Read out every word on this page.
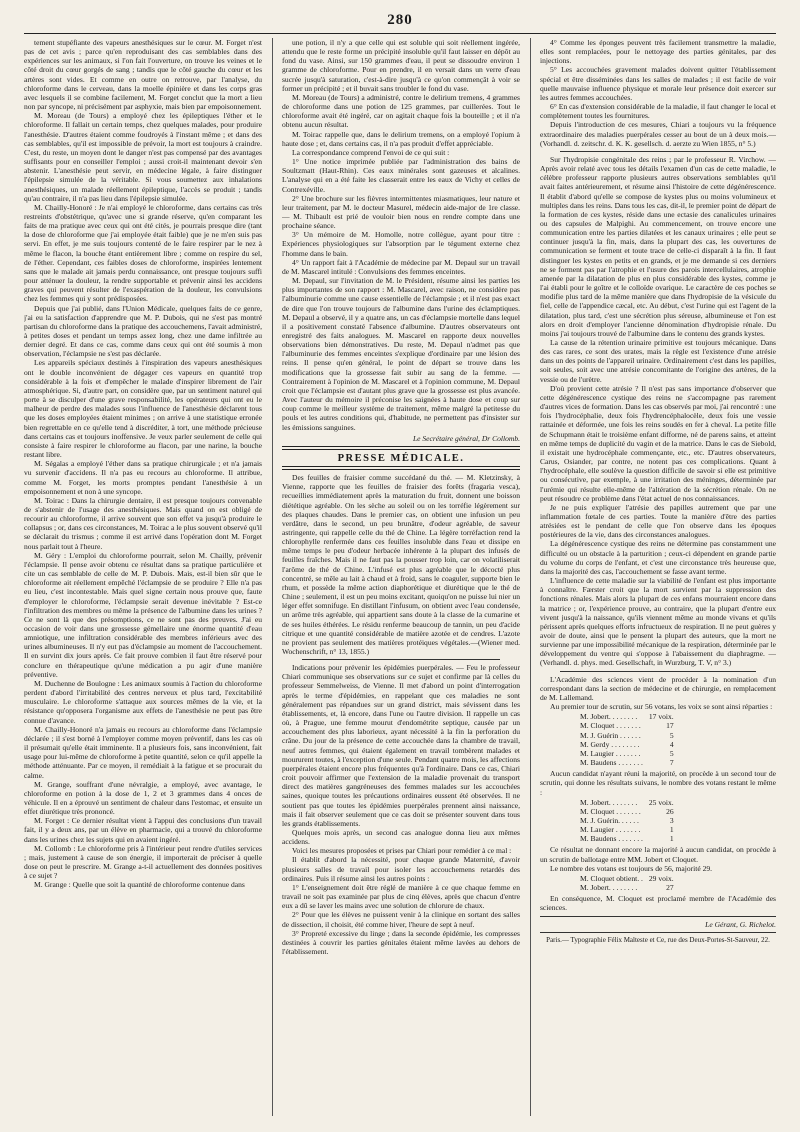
280

tement stupéfiante des vapeurs anesthésiques sur le cœur. M. Forget n'est pas de cet avis ; parce qu'en reproduisant des cas semblables dans des expériences sur les animaux, si l'on fait l'ouverture, on trouve les veines et le côté droit du cœur gorgés de sang ; tandis que le côté gauche du cœur et les artères sont vides. Et comme en outre on retrouve, par l'analyse, du chloroforme dans le cerveau, dans la moelle épinière et dans les corps gras avec lesquels il se combine facilement, M. Forget conclut que la mort a lieu non par syncope, ni précisément par asphyxie, mais bien par empoisonnement.

M. Moreau (de Tours) a employé chez les épileptiques l'éther et le chloroforme. Il fallait un certain temps, chez quelques malades, pour produire l'anesthésie. D'autres étaient comme foudroyés à l'instant même ; et dans des cas semblables, qu'il est impossible de prévoir, la mort est toujours à craindre. C'est, du reste, un moyen dont le danger n'est pas compensé par des avantages suffisants pour en conseiller l'emploi ; aussi croit-il maintenant devoir s'en abstenir. L'anesthésie peut servir, en médecine légale, à faire distinguer l'épilepsie simulée de la véritable. Si vous soumettez aux inhalations anesthésiques, un malade réellement épileptique, l'accès se produit ; tandis qu'au contraire, il n'a pas lieu dans l'épilepsie simulée.

M. Chailly-Honoré : Je n'ai employé le chloroforme, dans certains cas très restreints d'obstétrique, qu'avec une si grande réserve, qu'en comparant les faits de ma pratique avec ceux qui ont été cités, je pourrais presque dire (tant la dose de chloroforme que j'ai employée était faible) que je ne m'en suis pas servi. En effet, je me suis toujours contenté de le faire respirer par le nez à même le flacon, la bouche étant entièrement libre ; comme on respire du sel, de l'éther. Cependant, ces faibles doses de chloroforme, inspirées lentement sans que le malade ait jamais perdu connaissance, ont presque toujours suffi pour atténuer la douleur, la rendre supportable et prévenir ainsi les accidens graves qui peuvent résulter de l'exaspération de la douleur, les convulsions chez les femmes qui y sont prédisposées.

Depuis que j'ai publié, dans l'Union Médicale, quelques faits de ce genre, j'ai eu la satisfaction d'apprendre que M. P. Dubois, qui ne s'est pas montré partisan du chloroforme dans la pratique des accouchemens, l'avait administré, à petites doses et pendant un temps assez long, chez une dame infiltrée au dernier degré. Et dans ce cas, comme dans ceux qui ont été soumis à mon observation, l'éclampsie ne s'est pas déclarée.

Les appareils spéciaux destinés à l'inspiration des vapeurs anesthésiques ont le double inconvénient de dégager ces vapeurs en quantité trop considérable à la fois et d'empêcher le malade d'inspirer librement de l'air atmosphérique. Si, d'autre part, on considère que, par un sentiment naturel qui porte à se disculper d'une grave responsabilité, les opérateurs qui ont eu le malheur de perdre des malades sous l'influence de l'anesthésie déclarent tous que les doses employées étaient minimes ; on arrive à une statistique erronée bien regrettable en ce qu'elle tend à discréditer, à tort, une méthode précieuse dans certains cas et toujours inoffensive. Je veux parler seulement de celle qui consiste à faire respirer le chloroforme au flacon, par une narine, la bouche restant libre.

M. Ségalas a employé l'éther dans sa pratique chirurgicale ; et n'a jamais vu survenir d'accidens. Il n'a pas eu recours au chloroforme. Il attribue, comme M. Forget, les morts promptes pendant l'anesthésie à un empoisonnement et non à une syncope.

M. Toirac : Dans la chirurgie dentaire, il est presque toujours convenable de s'abstenir de l'usage des anesthésiques. Mais quand on est obligé de recourir au chloroforme, il arrive souvent que son effet va jusqu'à produire le collapsus ; or, dans ces circonstances, M. Toirac a le plus souvent observé qu'il se déclarait du trismus ; comme il est arrivé dans l'opération dont M. Forget nous parlait tout à l'heure.

M. Géry : L'emploi du chloroforme pourrait, selon M. Chailly, prévenir l'éclampsie. Il pense avoir obtenu ce résultat dans sa pratique particulière et cite un cas semblable de celle de M. P. Dubois. Mais, est-il bien sûr que le chloroforme ait réellement empêché l'éclampsie de se produire ? Elle n'a pas eu lieu, c'est incontestable. Mais quel signe certain nous prouve que, faute d'employer le chloroforme, l'éclampsie serait devenue inévitable ? Est-ce l'infiltration des membres ou même la présence de l'albumine dans les urines ? Ce ne sont là que des présomptions, ce ne sont pas des preuves. J'ai eu occasion de voir dans une grossesse gémellaire une énorme quantité d'eau amniotique, une infiltration considérable des membres inférieurs avec des urines albumineuses. Il n'y eut pas d'éclampsie au moment de l'accouchement. Il en survint dix jours après. Ce fait prouve combien il faut être réservé pour conclure en thérapeutique qu'une médication a pu agir d'une manière préventive.

M. Duchenne de Boulogne : Les animaux soumis à l'action du chloroforme perdent d'abord l'irritabilité des centres nerveux et plus tard, l'excitabilité musculaire. Le chloroforme s'attaque aux sources mêmes de la vie, et la résistance qu'opposera l'organisme aux effets de l'anesthésie ne peut pas être connue d'avance.

M. Chailly-Honoré n'a jamais eu recours au chloroforme dans l'éclampsie déclarée ; il s'est borné à l'employer comme moyen préventif, dans les cas où il présumait qu'elle était imminente. Il a plusieurs fois, sans inconvénient, fait usage pour lui-même de chloroforme à petite quantité, selon ce qu'il appelle la méthode atténuante. Par ce moyen, il remédiait à la fatigue et se procurait du calme.

M. Grange, souffrant d'une névralgie, a employé, avec avantage, le chloroforme en potion à la dose de 1, 2 et 3 grammes dans 4 onces de véhicule. Il en a éprouvé un sentiment de chaleur dans l'estomac, et ensuite un effet diurétique très prononcé.

M. Forget : Ce dernier résultat vient à l'appui des conclusions d'un travail fait, il y a deux ans, par un élève en pharmacie, qui a trouvé du chloroforme dans les urines chez les sujets qui en avaient ingéré.

M. Collomb : Le chloroforme pris à l'intérieur peut rendre d'utiles services ; mais, justement à cause de son énergie, il importerait de préciser à quelle dose on peut le prescrire. M. Grange a-t-il actuellement des données positives à ce sujet ?

M. Grange : Quelle que soit la quantité de chloroforme contenue dans

une potion, il n'y a que celle qui est soluble qui soit réellement ingérée, attendu que le reste forme un précipité insoluble qu'il faut laisser en dépôt au fond du vase. Ainsi, sur 150 grammes d'eau, il peut se dissoudre environ 1 gramme de chloroforme. Pour en prendre, il en versait dans un verre d'eau sucrée jusqu'à saturation, c'est-à-dire jusqu'à ce qu'on commençât à voir se former un précipité ; et il buvait sans troubler le fond du vase.

M. Moreau (de Tours) a administré, contre le delirium tremens, 4 grammes de chloroforme dans une potion de 125 grammes, par cuillerées. Tout le chloroforme avait été ingéré, car on agitait chaque fois la bouteille ; et il n'a obtenu aucun résultat.

M. Toirac rappelle que, dans le delirium tremens, on a employé l'opium à haute dose ; et, dans certains cas, il n'a pas produit d'effet appréciable.

La correspondance comprend l'envoi de ce qui suit :

1° Une notice imprimée publiée par l'administration des bains de Soultzmatt (Haut-Rhin). Ces eaux minérales sont gazeuses et alcalines. L'analyse qui en a été faite les classerait entre les eaux de Vichy et celles de Contrexéville.

2° Une brochure sur les fièvres intermittentes miasmatiques, leur nature et leur traitement, par M. le docteur Masurel, médecin aide-major de 1re classe. — M. Thibault est prié de vouloir bien nous en rendre compte dans une prochaine séance.

3° Un mémoire de M. Homolle, notre collègue, ayant pour titre : Expériences physiologiques sur l'absorption par le tégument externe chez l'homme dans le bain.

4° Un rapport fait à l'Académie de médecine par M. Depaul sur un travail de M. Mascarel intitulé : Convulsions des femmes enceintes.

M. Depaul, sur l'invitation de M. le Président, résume ainsi les parties les plus importantes de son rapport : M. Mascarel, avec raison, ne considère pas l'albuminurie comme une cause essentielle de l'éclampsie ; et il n'est pas exact de dire que l'on trouve toujours de l'albumine dans l'urine des éclamptiques. M. Depaul a observé, il y a quatre ans, un cas d'éclampsie mortelle dans lequel il a positivement constaté l'absence d'albumine. D'autres observateurs ont enregistré des faits analogues. M. Mascarel en rapporte deux nouvelles observations bien démonstratives. Du reste, M. Depaul n'admet pas que l'albuminurie des femmes enceintes s'explique d'ordinaire par une lésion des reins. Il pense qu'en général, le point de départ se trouve dans les modifications que la grossesse fait subir au sang de la femme. — Contrairement à l'opinion de M. Mascarel et à l'opinion commune, M. Depaul croit que l'éclampsie est d'autant plus grave que la grossesse est plus avancée. Avec l'auteur du mémoire il préconise les saignées à haute dose et coup sur coup comme le meilleur système de traitement, même malgré la petitesse du pouls et les autres conditions qui, d'habitude, ne permettent pas d'insister sur les émissions sanguines.

Le Secrétaire général, Dr Collomb.
PRESSE MÉDICALE.

Des feuilles de fraisier comme succédané du thé. — M. Kletzinsky, à Vienne, rapporte que les feuilles de fraisier des forêts (fragaria vesca), recueillies immédiatement après la maturation du fruit, donnent une boisson diététique agréable. On les sèche au soleil ou on les torréfie légèrement sur des plaques chaudes. Dans le premier cas, on obtient une infusion un peu verdâtre, dans le second, un peu brunâtre, d'odeur agréable, de saveur astringente, qui rappelle celle du thé de Chine. La légère torréfaction rend la chlorophylle renfermée dans ces feuilles insoluble dans l'eau et dissipe en même temps le peu d'odeur herbacée inhérente à la plupart des infusés de feuilles fraîches. Mais il ne faut pas la pousser trop loin, car on volatiliserait l'arôme de thé de Chine. L'infusé est plus agréable que le décocté plus concentré, se mêle au lait à chaud et à froid, sans le coaguler, supporte bien le rhum, et possède la même action diaphorétique et diurétique que le thé de Chine ; seulement, il est un peu moins excitant, quoiqu'on ne puisse lui nier un léger effet somnifuge. En distillant l'infusum, on obtient avec l'eau condensée, un arôme très agréable, qui appartient sans doute à la classe de la cumarine et de ses huiles éthérées. Le résidu renferme beaucoup de tannin, un peu d'acide citrique et une quantité considérable de matière azotée et de cendres. L'azote ne provient pas seulement des matières protéiques végétales.—(Wiener med. Wochenschrift, n° 13, 1855.)

Indications pour prévenir les épidémies puerpérales. — Feu le professeur Chiari communique ses observations sur ce sujet et confirme par là celles du professeur Semmelweiss, de Vienne. Il met d'abord un point d'interrogation après le terme d'épidémies, en rappelant que ces maladies ne sont généralement pas répandues sur un grand district, mais sévissent dans les établissements, et, là encore, dans l'une ou l'autre division. Il rappelle un cas où, à Prague, une femme mourut d'endométrite septique, causée par un accouchement des plus laborieux, ayant nécessité à la fin la perforation du crâne. Du jour de la présence de cette accouchée dans la chambre de travail, neuf autres femmes, qui étaient également en travail tombèrent malades et moururent toutes, à l'exception d'une seule. Pendant quatre mois, les affections puerpérales étaient encore plus fréquentes qu'à l'ordinaire. Dans ce cas, Chiari croit pouvoir affirmer que l'extension de la maladie provenait du transport direct des matières gangréneuses des femmes malades sur les accouchées saines, quoique toutes les précautions ordinaires eussent été observées. Il ne soutient pas que toutes les épidémies puerpérales prennent ainsi naissance, mais il fait observer seulement que ce cas doit se présenter souvent dans tous les grands établissements.

Quelques mois après, un second cas analogue donna lieu aux mêmes accidens.

Voici les mesures proposées et prises par Chiari pour remédier à ce mal :

Il établit d'abord la nécessité, pour chaque grande Maternité, d'avoir plusieurs salles de travail pour isoler les accouchemens retardés des ordinaires. Puis il résume ainsi les autres points :

1° L'enseignement doit être réglé de manière à ce que chaque femme en travail ne soit pas examinée par plus de cinq élèves, après que chacun d'entre eux a dû se laver les mains avec une solution de chlorure de chaux.

2° Pour que les élèves ne puissent venir à la clinique en sortant des salles de dissection, il choisit, été comme hiver, l'heure de sept à neuf.

3° Propreté excessive du linge ; dans la seconde épidémie, les compresses destinées à couvrir les parties génitales étaient même lavées au dehors de l'établissement.

4° Comme les éponges peuvent très facilement transmettre la maladie, elles sont remplacées, pour le nettoyage des parties génitales, par des injections.

5° Les accouchées gravement malades doivent quitter l'établissement spécial et être disséminées dans les salles de malades ; il est facile de voir quelle mauvaise influence physique et morale leur présence doit exercer sur les autres femmes accouchées.

6° En cas d'extension considérable de la maladie, il faut changer le local et complètement toutes les fournitures.

Depuis l'introduction de ces mesures, Chiari a toujours vu la fréquence extraordinaire des maladies puerpérales cesser au bout de un à deux mois.—(Vorhandl. d. zeitschr. d. K. K. gesellsch. d. aerzte zu Wien 1855, n° 5.)

Sur l'hydropisie congénitale des reins ; par le professeur R. Virchow. — Après avoir relaté avec tous les détails l'examen d'un cas de cette maladie, le célèbre professeur rapporte plusieurs autres observations semblables qu'il avait faites antérieurement, et résume ainsi l'histoire de cette dégénérescence. Il établit d'abord qu'elle se compose de kystes plus ou moins volumineux et multiples dans les reins. Dans tous les cas, dit-il, le premier point de départ de la formation de ces kystes, réside dans une ectasie des canalicules urinaires ou des capsules de Malpighi. Au commencement, on trouve encore une communication entre les parties dilatées et les canaux urinaires ; elle peut se continuer jusqu'à la fin, mais, dans la plupart des cas, les ouvertures de communication se ferment et toute trace de celle-ci disparaît à la fin. Il faut distinguer les kystes en petits et en grands, et je me demande si ces derniers ne se forment pas par l'atrophie et l'usure des parois intercellulaires, atrophie amenée par la dilatation de plus en plus considérable des kystes, comme je l'ai établi pour le goître et le colloïde ovarique. Le caractère de ces poches se modifie plus tard de la même manière que dans l'hydropisie de la vésicule du fiel, celle de l'appendice cæcal, etc. Au début, c'est l'urine qui est l'agent de la dilatation, plus tard, c'est une sécrétion plus séreuse, albumineuse et l'on est alors en droit d'employer l'ancienne dénomination d'hydropisie rénale. Du moins j'ai toujours trouvé de l'albumine dans le contenu des grands kystes.

La cause de la rétention urinaire primitive est toujours mécanique. Dans des cas rares, ce sont des urates, mais la règle est l'existence d'une atrésie dans un des points de l'appareil urinaire. Ordinairement c'est dans les papilles, soit seules, soit avec une atrésie concomitante de l'origine des artères, de la vessie ou de l'urètre.

D'où provient cette atrésie ? Il n'est pas sans importance d'observer que cette dégénérescence cystique des reins ne s'accompagne pas rarement d'autres vices de formation. Dans les cas observés par moi, j'ai rencontré : une fois l'hydrocéphalie, deux fois l'hydrencéphalocèle, deux fois une vessie rattainée et déformée, une fois les reins soudés en fer à cheval. La petite fille de Schupmann était le troisième enfant difforme, né de parens sains, et atteint en même temps de duplicité du vagin et de la matrice. Dans le cas de Siebold, il existait une hydrocéphale commençante, etc., etc. D'autres observateurs, Carus, Osiander, par contre, ne notent pas ces complications. Quant à l'hydrocéphale, elle soulève la question difficile de savoir si elle est primitive ou consécutive, par exemple, à une irritation des méninges, déterminée par l'urémie qui résulte elle-même de l'altération de la sécrétion rénale. On ne peut résoudre ce problème dans l'état actuel de nos connaissances.

Je ne puis expliquer l'atrésie des papilles autrement que par une inflammation fœtale de ces parties. Toute la manière d'être des parties atrésiées est le pendant de celle que l'on observe dans les époques postérieures de la vie, dans des circonstances analogues.

La dégénérescence cystique des reins ne détermine pas constamment une difficulté ou un obstacle à la parturition ; ceux-ci dépendent en grande partie du volume du corps de l'enfant, et c'est une circonstance très heureuse que, dans la majorité des cas, l'accouchement se fasse avant terme.

L'influence de cette maladie sur la viabilité de l'enfant est plus importante à connaître. Færster croit que la mort survient par la suppression des fonctions rénales. Mais alors la plupart de ces enfans mourraient encore dans la matrice ; or, l'expérience prouve, au contraire, que la plupart d'entre eux vivent jusqu'à la naissance, qu'ils viennent même au monde vivans et qu'ils périssent après quelques efforts infructueux de respiration. Il ne peut guères y avoir de doute, ainsi que le pensent la plupart des auteurs, que la mort ne survienne par une impossibilité mécanique de la respiration, déterminée par le développement du ventre qui s'oppose à l'abaissement du diaphragme. —(Verhandl. d. phys. med. Gesellschaft, in Wurzburg, T. V, n° 3.)

L'Académie des sciences vient de procéder à la nomination d'un correspondant dans la section de médecine et de chirurgie, en remplacement de M. Lallemand.

Au premier tour de scrutin, sur 56 votans, les voix se sont ainsi réparties :

M. Jobert. . . . . . . .	17 voix.
M. Cloquet . . . . . . .	17
M. J. Guérin . . . . . .	5
M. Gerdy . . . . . . . .	4
M. Laugier . . . . . . .	5
M. Baudens . . . . . . .	7

Aucun candidat n'ayant réuni la majorité, on procède à un second tour de scrutin, qui donne les résultats suivans, le nombre des votans restant le même :

M. Jobert. . . . . . . .	25 voix.
M. Cloquet . . . . . . .	26
M. J. Guérin. . . . . .	3
M. Laugier . . . . . . .	1
M. Baudens . . . . . . .	1

Ce résultat ne donnant encore la majorité à aucun candidat, on procède à un scrutin de ballotage entre MM. Jobert et Cloquet.

Le nombre des votans est toujours de 56, majorité 29.

M. Cloquet obtient. .	29 voix.
M. Jobert. . . . . . . .	27

En conséquence, M. Cloquet est proclamé membre de l'Académie des sciences.

Le Gérant, G. Richelot.
Paris.— Typographie Félix Malteste et Ce, rue des Deux-Portes-St-Sauveur, 22.
